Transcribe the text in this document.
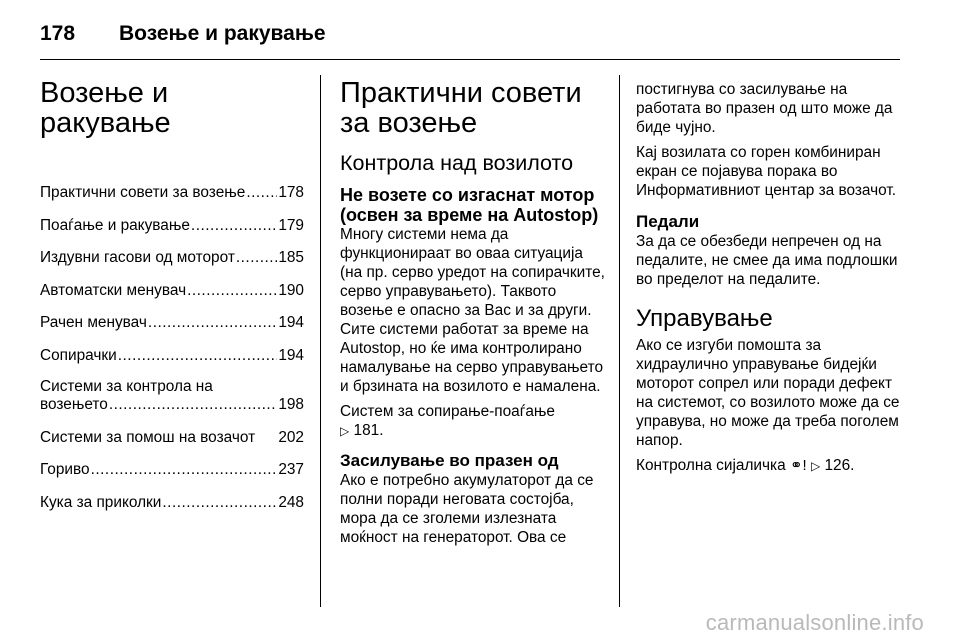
178 Возење и ракување
Возење и ракување
Практични совети за возење ..... 178
Поаѓање и ракување .....	179
Издувни гасови од моторот .....	185
Автоматски менувач .....	190
Рачен менувач .....	194
Сопирачки .....	194
Системи за контрола на
возењето .....	198
Системи за помош на возачот 202
Гориво .....	237
Кука за приколки .....	248
Практични совети за возење
Контрола над возилото
Не возете со изгаснат мотор (освен за време на Autostop)

Многу системи нема да функционираат во оваа ситуација (на пр. серво уредот на сопирачките, серво управувањето). Таквото возење е опасно за Вас и за други. Сите системи работат за време на Autostop, но ќе има контролирано намалување на серво управувањето и брзината на возилото е намалена.

Систем за сопирање-поаѓање
▷ 181.

Засилување во празен од

Ако е потребно акумулаторот да се полни поради неговата состојба, мора да се зголеми излезната моќност на генераторот. Ова се

постигнува со засилување на работата во празен од што може да биде чујно.

Кај возилата со горен комбиниран екран се појавува порака во Информативниот центар за возачот.

Педали

За да се обезбеди непречен од на педалите, не смее да има подлошки во пределот на педалите.

Управување

Ако се изгуби помошта за хидраулично управување бидејќи моторот сопрел или поради дефект на системот, со возилото може да се управува, но може да треба поголем напор.

Контролна сијаличка ⚭! ▷ 126.

carmanualsonline.info
